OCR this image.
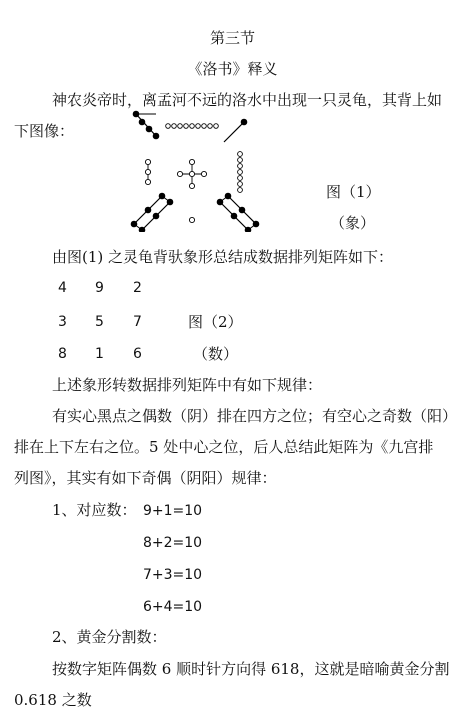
第三节
《洛书》释义
神农炎帝时，离孟河不远的洛水中出现一只灵龟，其背上如
下图像：
图（1）
（象）
由图(1) 之灵龟背驮象形总结成数据排列矩阵如下：
4 9 2
3 5 7
8 1 6
图（2）
（数）
上述象形转数据排列矩阵中有如下规律：
有实心黑点之偶数（阴）排在四方之位；有空心之奇数（阳）
排在上下左右之位。5 处中心之位，后人总结此矩阵为《九宫排
列图》，其实有如下奇偶（阴阳）规律：
1、对应数： 9+1=10
8+2=10
7+3=10
6+4=10
2、黄金分割数：
按数字矩阵偶数 6 顺时针方向得 618，这就是暗喻黄金分割
0.618 之数
